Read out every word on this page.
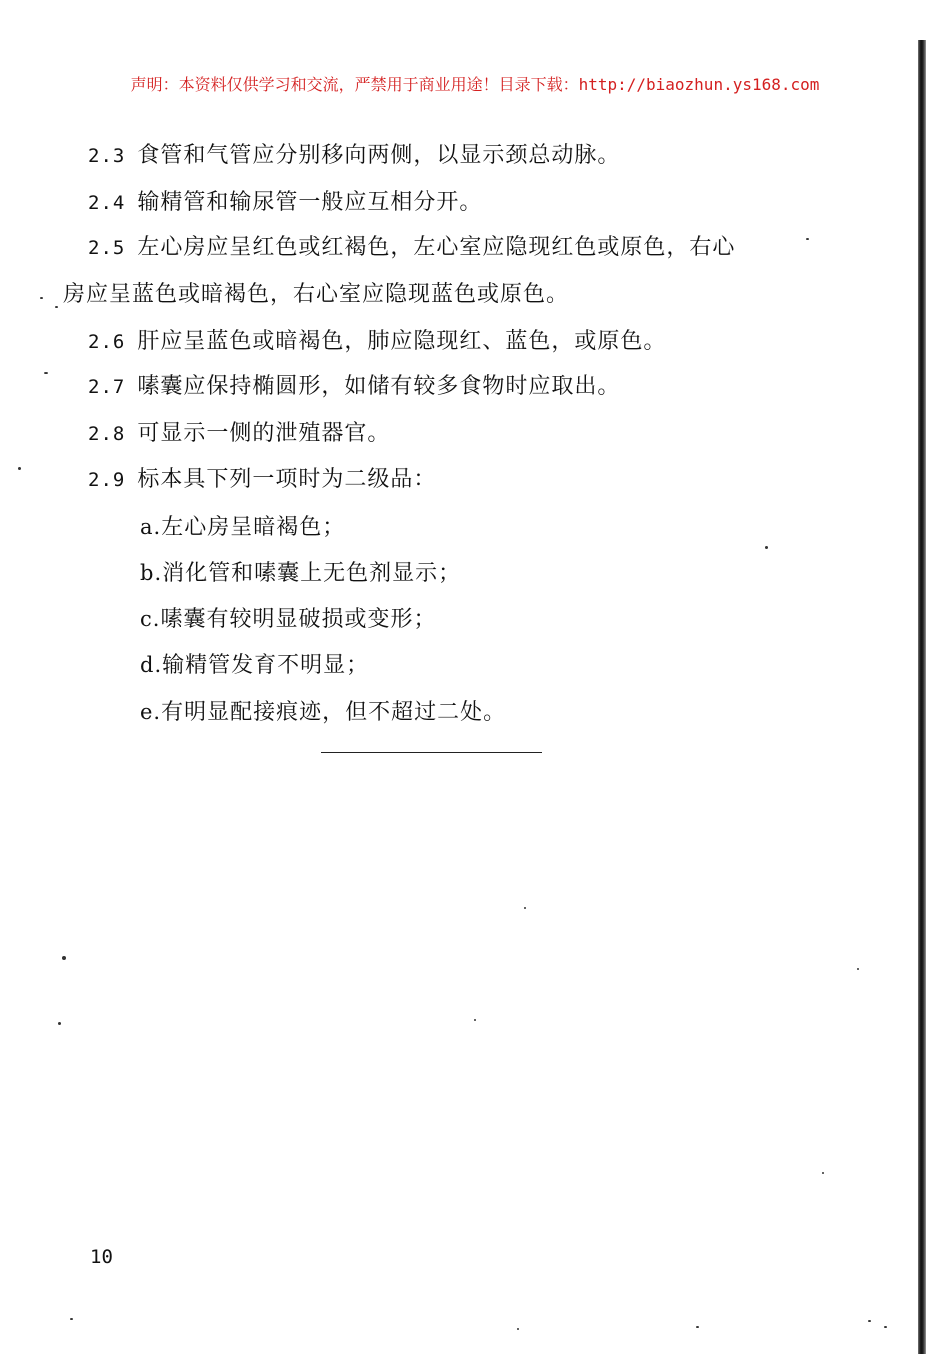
声明：本资料仅供学习和交流，严禁用于商业用途！目录下载：http://biaozhun.ys168.com
2.3 食管和气管应分别移向两侧，以显示颈总动脉。
2.4 输精管和输尿管一般应互相分开。
2.5 左心房应呈红色或红褐色，左心室应隐现红色或原色，右心
房应呈蓝色或暗褐色，右心室应隐现蓝色或原色。
2.6 肝应呈蓝色或暗褐色，肺应隐现红、蓝色，或原色。
2.7 嗉囊应保持椭圆形，如储有较多食物时应取出。
2.8 可显示一侧的泄殖器官。
2.9 标本具下列一项时为二级品：
a.左心房呈暗褐色；
b.消化管和嗉囊上无色剂显示；
c.嗉囊有较明显破损或变形；
d.输精管发育不明显；
e.有明显配接痕迹，但不超过二处。
10
